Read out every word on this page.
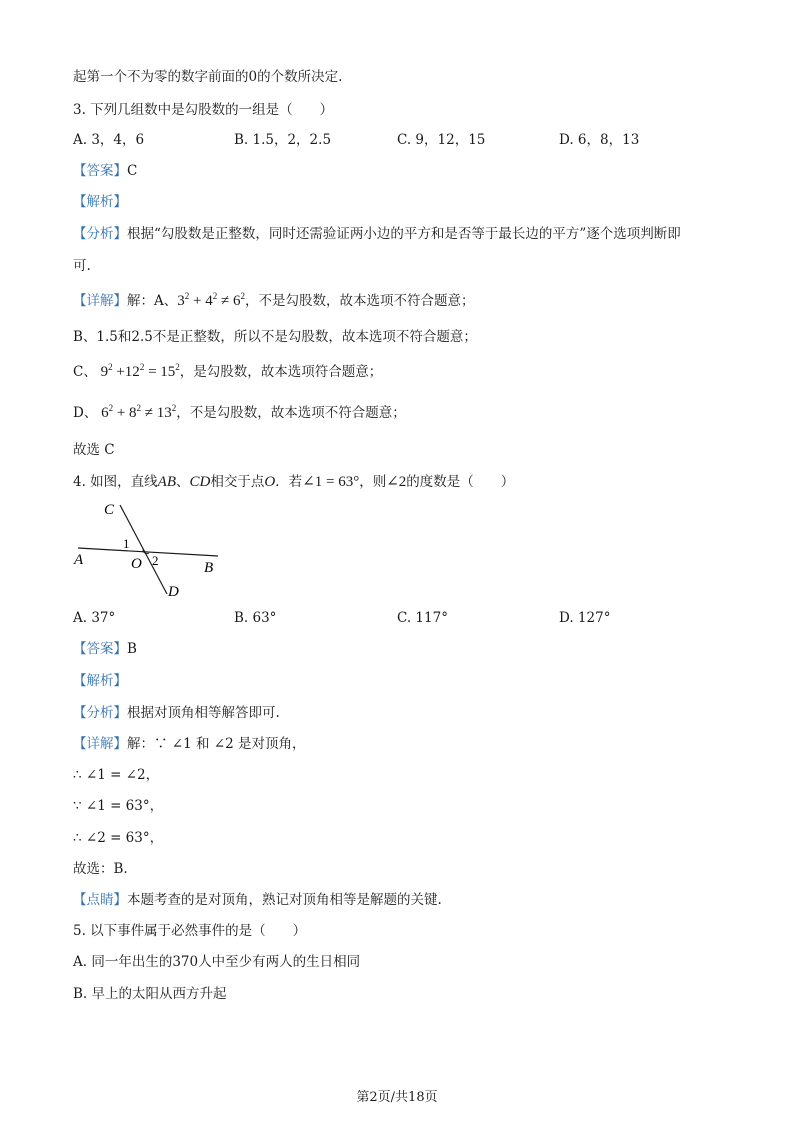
起第一个不为零的数字前面的0的个数所决定.
3. 下列几组数中是勾股数的一组是（　　）
A. 3，4，6	B. 1.5，2，2.5	C. 9，12，15	D. 6，8，13
【答案】C
【解析】
【分析】根据“勾股数是正整数，同时还需验证两小边的平方和是否等于最长边的平方”逐个选项判断即
可.
【详解】解：A、$3^2 + 4^2 \ne 6^2$，不是勾股数，故本选项不符合题意；
B、1.5和2.5不是正整数，所以不是勾股数，故本选项不符合题意；
C、 $9^2 +12^2 = 15^2$，是勾股数，故本选项符合题意；
D、 $6^2 + 8^2 \ne 13^2$，不是勾股数，故本选项不符合题意；
故选 C
4. 如图，直线AB、CD相交于点O．若∠1 = 63°，则∠2的度数是（　　）
C
1
A	O 2	B
D
A. 37°	B. 63°	C. 117°	D. 127°
【答案】B
【解析】
【分析】根据对顶角相等解答即可.
【详解】解：∵ ∠1 和 ∠2 是对顶角，
∴ ∠1 = ∠2，
∵ ∠1 = 63°，
∴ ∠2 = 63°，
故选：B.
【点睛】本题考查的是对顶角，熟记对顶角相等是解题的关键.
5. 以下事件属于必然事件的是（　　）
A. 同一年出生的370人中至少有两人的生日相同
B. 早上的太阳从西方升起
第2页/共18页
